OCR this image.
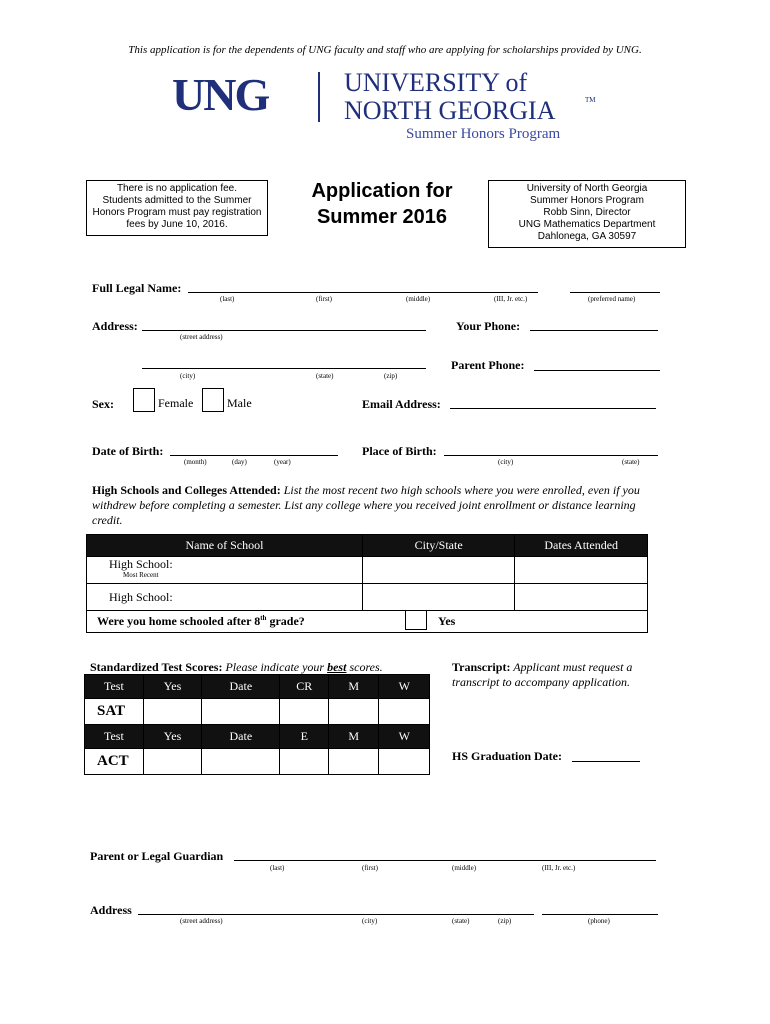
This application is for the dependents of UNG faculty and staff who are applying for scholarships provided by UNG.
UNG	UNIVERSITY of
NORTH GEORGIA	TM
Summer Honors Program
There is no application fee.
Students admitted to the Summer
Honors Program must pay registration
fees by June 10, 2016.
Application for
Summer 2016
University of North Georgia
Summer Honors Program
Robb Sinn, Director
UNG Mathematics Department
Dahlonega, GA 30597
Full Legal Name:
(last)	(first)	(middle)	(III, Jr. etc.)	(preferred name)
Address:
(street address)
Your Phone:
(city)	(state)	(zip)
Parent Phone:
Sex:	Female	Male	Email Address:
Date of Birth:
(month)	(day)	(year)
Place of Birth:
(city)	(state)
High Schools and Colleges Attended: List the most recent two high schools where you were enrolled, even if you withdrew before completing a semester. List any college where you received joint enrollment or distance learning credit.
Name of School	City/State	Dates Attended

High School:
Most Recent		

High School:		
Were you home schooled after 8th grade? Yes		
Standardized Test Scores: Please indicate your best scores.
Test	Yes	Date	CR	M	W
SAT					
Test	Yes	Date	E	M	W
ACT					
Transcript: Applicant must request a transcript to accompany application.
HS Graduation Date:
Parent or Legal Guardian
(last)	(first)	(middle)	(III, Jr. etc.)
Address
(street address)	(city)	(state)	(zip)	(phone)
